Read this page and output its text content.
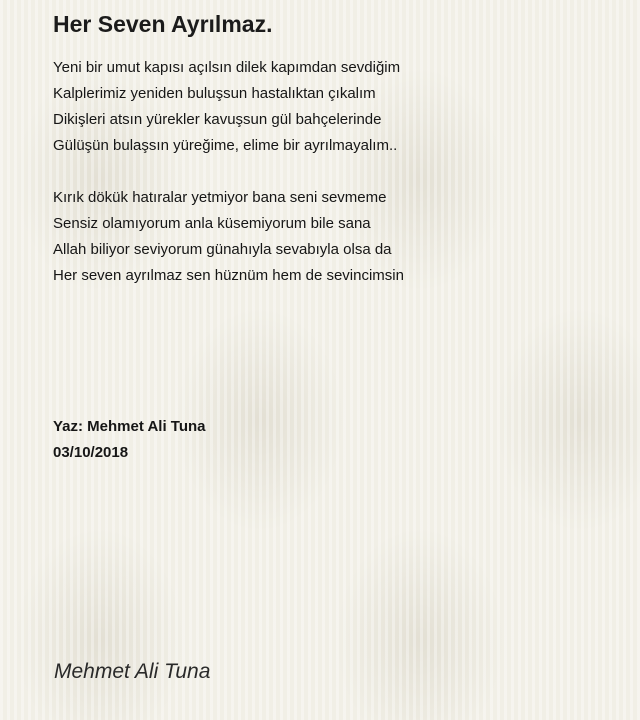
Her Seven Ayrılmaz.
Yeni bir umut kapısı açılsın dilek kapımdan sevdiğim
Kalplerimiz yeniden buluşsun hastalıktan çıkalım
Dikişleri atsın yürekler kavuşsun gül bahçelerinde
Gülüşün bulaşsın yüreğime, elime bir ayrılmayalım..
Kırık dökük hatıralar yetmiyor bana seni sevmeme
Sensiz olamıyorum anla küsemiyorum bile sana
Allah biliyor seviyorum günahıyla sevabıyla olsa da
Her seven ayrılmaz sen hüznüm hem de sevincimsin
Yaz: Mehmet Ali Tuna
03/10/2018
Mehmet Ali Tuna
